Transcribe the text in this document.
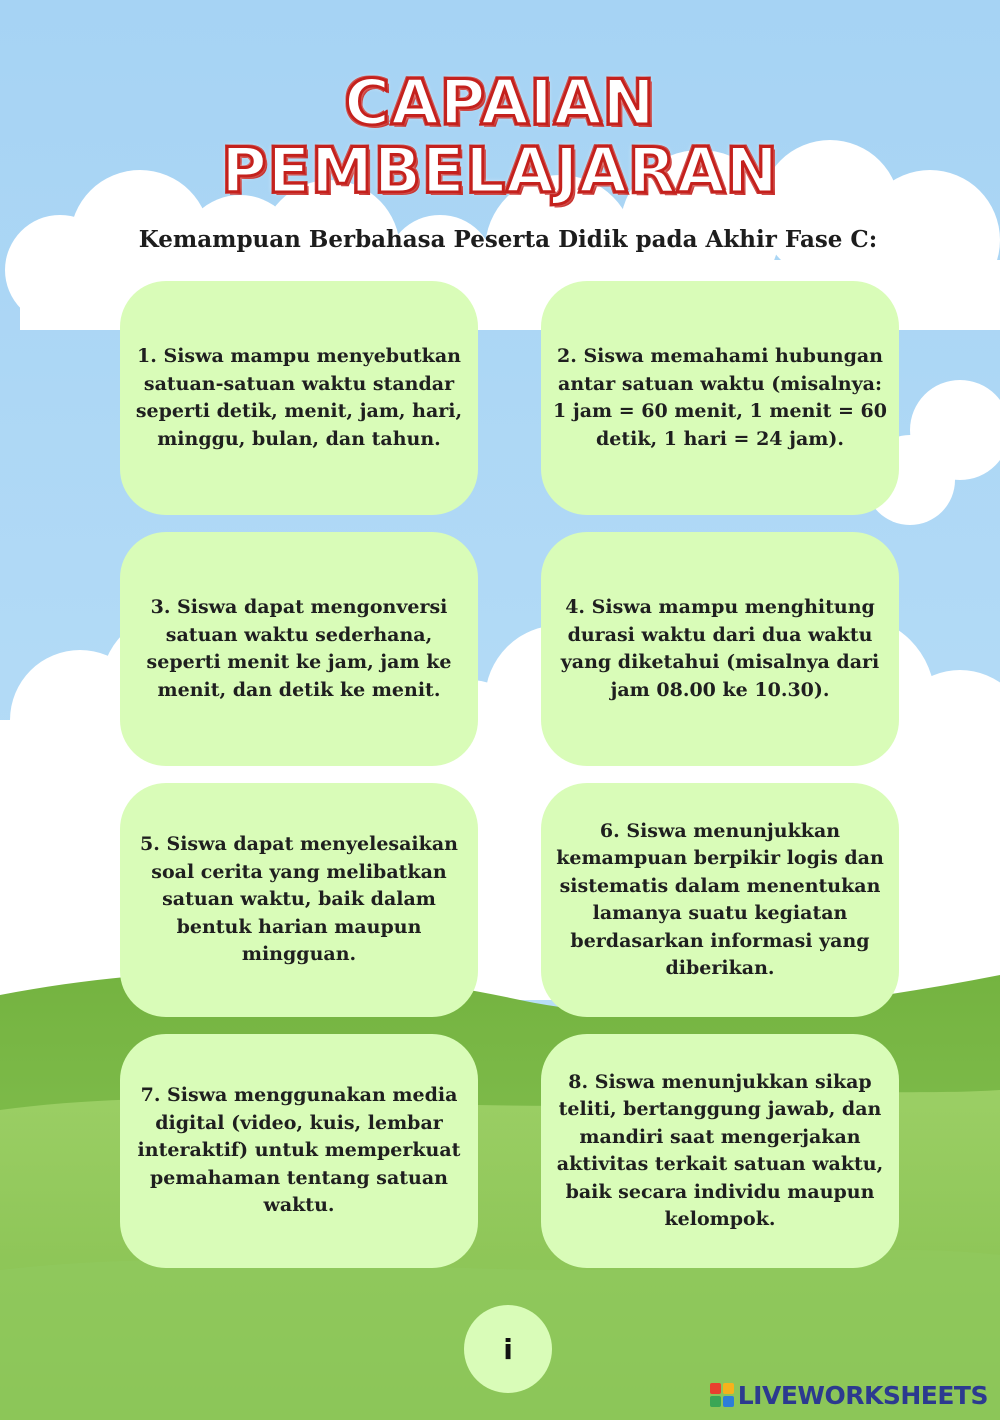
CAPAIAN
PEMBELAJARAN
Kemampuan Berbahasa Peserta Didik pada Akhir Fase C:
1. Siswa mampu menyebutkan satuan-satuan waktu standar seperti detik, menit, jam, hari, minggu, bulan, dan tahun.
2. Siswa memahami hubungan antar satuan waktu (misalnya: 1 jam = 60 menit, 1 menit = 60 detik, 1 hari = 24 jam).
3. Siswa dapat mengonversi satuan waktu sederhana, seperti menit ke jam, jam ke menit, dan detik ke menit.
4. Siswa mampu menghitung durasi waktu dari dua waktu yang diketahui (misalnya dari jam 08.00 ke 10.30).
5. Siswa dapat menyelesaikan soal cerita yang melibatkan satuan waktu, baik dalam bentuk harian maupun mingguan.
6. Siswa menunjukkan kemampuan berpikir logis dan sistematis dalam menentukan lamanya suatu kegiatan berdasarkan informasi yang diberikan.
7. Siswa menggunakan media digital (video, kuis, lembar interaktif) untuk memperkuat pemahaman tentang satuan waktu.
8. Siswa menunjukkan sikap teliti, bertanggung jawab, dan mandiri saat mengerjakan aktivitas terkait satuan waktu, baik secara individu maupun kelompok.
i
LIVEWORKSHEETS
